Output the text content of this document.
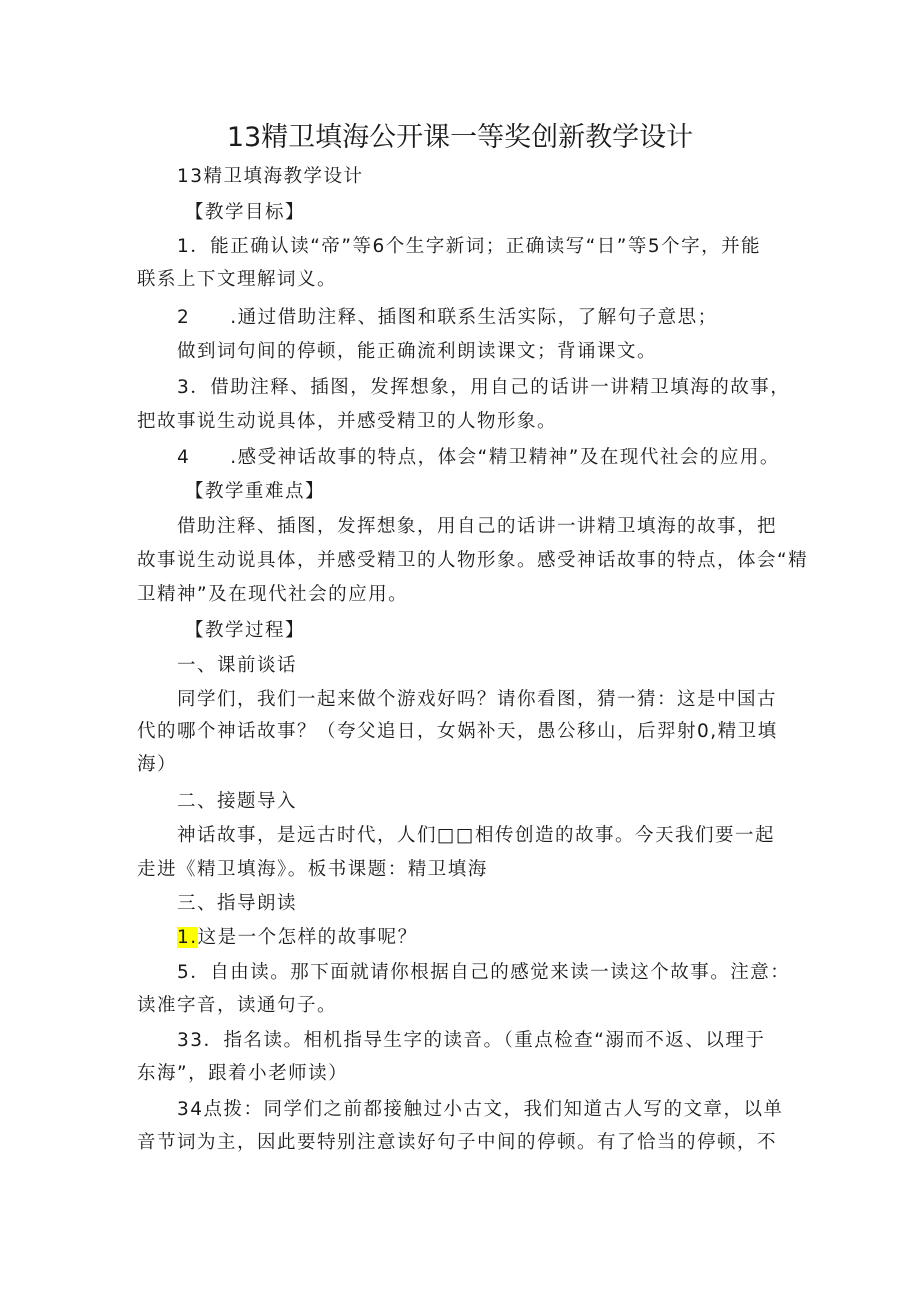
13精卫填海公开课一等奖创新教学设计
13精卫填海教学设计
【教学目标】
1．能正确认读“帝”等6个生字新词；正确读写“日”等5个字，并能
联系上下文理解词义。
2　　.通过借助注释、插图和联系生活实际，了解句子意思；
做到词句间的停顿，能正确流利朗读课文；背诵课文。
3．借助注释、插图，发挥想象，用自己的话讲一讲精卫填海的故事，
把故事说生动说具体，并感受精卫的人物形象。
4　　.感受神话故事的特点，体会“精卫精神”及在现代社会的应用。
【教学重难点】
借助注释、插图，发挥想象，用自己的话讲一讲精卫填海的故事，把
故事说生动说具体，并感受精卫的人物形象。感受神话故事的特点，体会“精
卫精神”及在现代社会的应用。
【教学过程】
一、课前谈话
同学们，我们一起来做个游戏好吗？请你看图，猜一猜：这是中国古
代的哪个神话故事？（夸父追日，女娲补天，愚公移山，后羿射0,精卫填
海）
二、接题导入
神话故事，是远古时代，人们□□相传创造的故事。今天我们要一起
走进《精卫填海》。板书课题：精卫填海
三、指导朗读
1.这是一个怎样的故事呢？
5．自由读。那下面就请你根据自己的感觉来读一读这个故事。注意：
读准字音，读通句子。
33．指名读。相机指导生字的读音。（重点检查“溺而不返、以理于
东海”，跟着小老师读）
34点拨：同学们之前都接触过小古文，我们知道古人写的文章，以单
音节词为主，因此要特别注意读好句子中间的停顿。有了恰当的停顿，不
